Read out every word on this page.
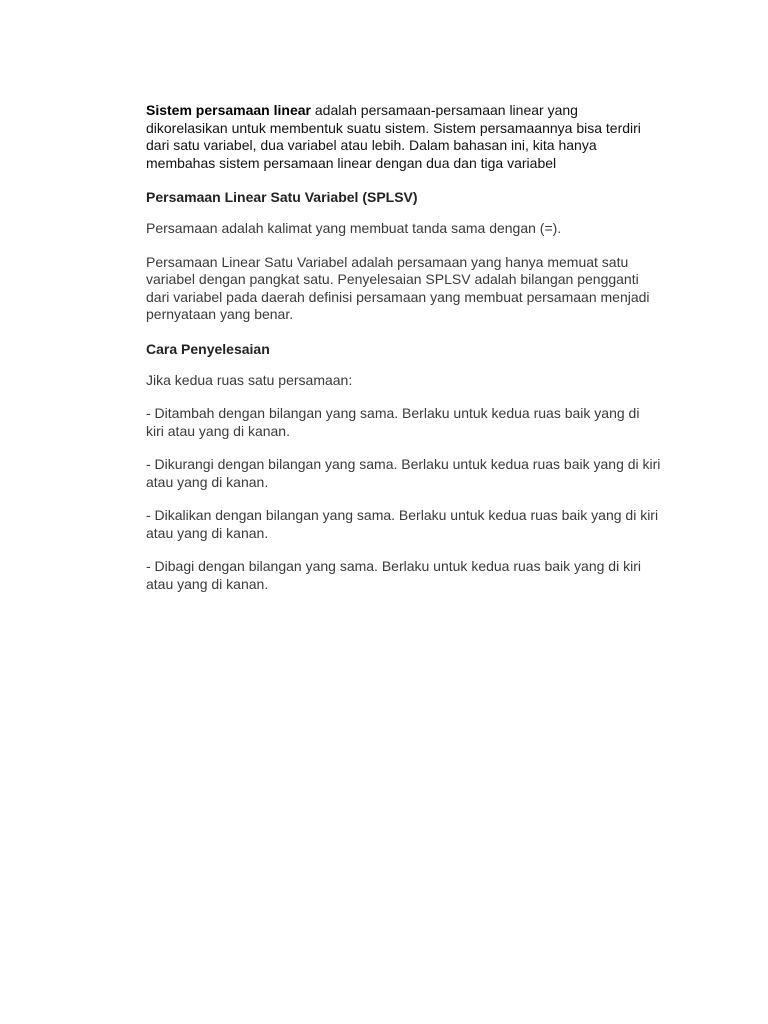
Sistem persamaan linear adalah persamaan-persamaan linear yang dikorelasikan untuk membentuk suatu sistem. Sistem persamaannya bisa terdiri dari satu variabel, dua variabel atau lebih. Dalam bahasan ini, kita hanya membahas sistem persamaan linear dengan dua dan tiga variabel

Persamaan Linear Satu Variabel (SPLSV)

Persamaan adalah kalimat yang membuat tanda sama dengan (=).

Persamaan Linear Satu Variabel adalah persamaan yang hanya memuat satu variabel dengan pangkat satu. Penyelesaian SPLSV adalah bilangan pengganti dari variabel pada daerah definisi persamaan yang membuat persamaan menjadi pernyataan yang benar.

Cara Penyelesaian

Jika kedua ruas satu persamaan:

- Ditambah dengan bilangan yang sama. Berlaku untuk kedua ruas baik yang di kiri atau yang di kanan.

- Dikurangi dengan bilangan yang sama. Berlaku untuk kedua ruas baik yang di kiri atau yang di kanan.

- Dikalikan dengan bilangan yang sama. Berlaku untuk kedua ruas baik yang di kiri atau yang di kanan.

- Dibagi dengan bilangan yang sama. Berlaku untuk kedua ruas baik yang di kiri atau yang di kanan.
